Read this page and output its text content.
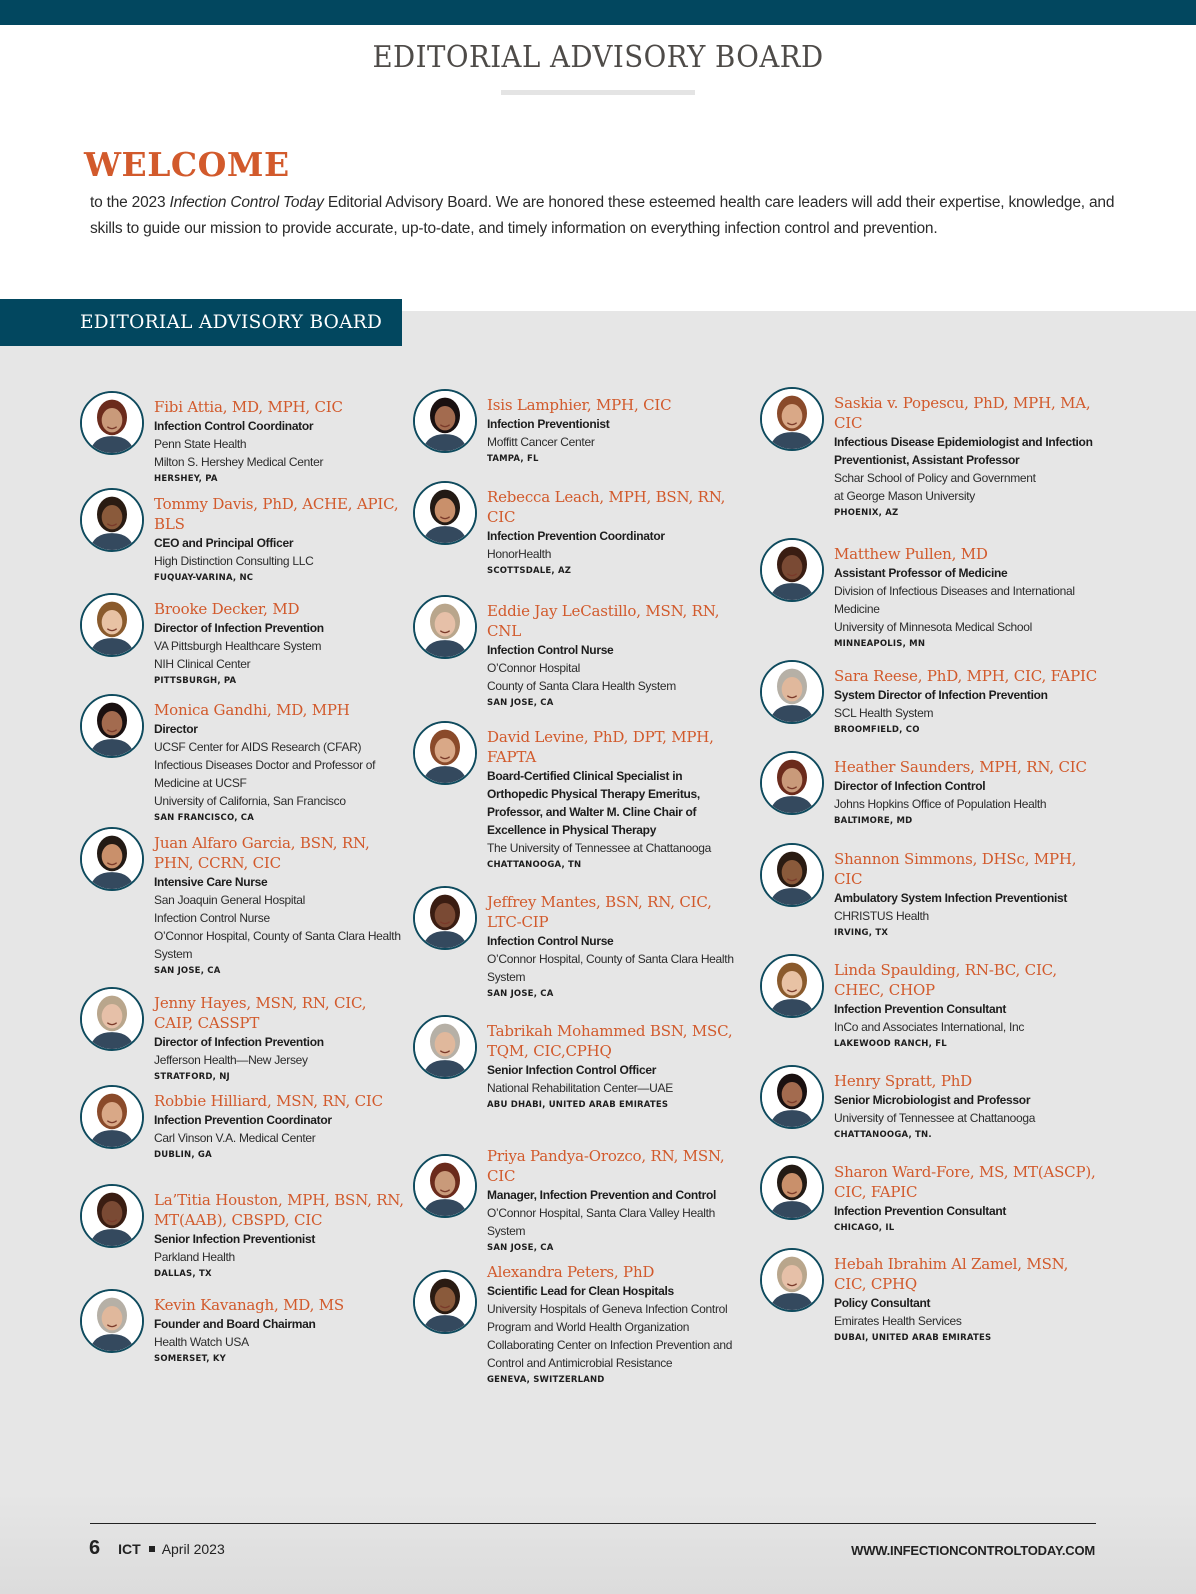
EDITORIAL ADVISORY BOARD
WELCOME

to the 2023 Infection Control Today Editorial Advisory Board. We are honored these esteemed health care leaders will add their expertise, knowledge, and skills to guide our mission to provide accurate, up-to-date, and timely information on everything infection control and prevention.

EDITORIAL ADVISORY BOARD
Fibi Attia, MD, MPH, CIC
Infection Control Coordinator
Penn State Health
Milton S. Hershey Medical Center
HERSHEY, PA
Tommy Davis, PhD, ACHE, APIC, BLS
CEO and Principal Officer
High Distinction Consulting LLC
FUQUAY-VARINA, NC
Brooke Decker, MD
Director of Infection Prevention
VA Pittsburgh Healthcare System
NIH Clinical Center
PITTSBURGH, PA
Monica Gandhi, MD, MPH
Director
UCSF Center for AIDS Research (CFAR)
Infectious Diseases Doctor and Professor of Medicine at UCSF
University of California, San Francisco
SAN FRANCISCO, CA
Juan Alfaro Garcia, BSN, RN, PHN, CCRN, CIC
Intensive Care Nurse
San Joaquin General Hospital
Infection Control Nurse
O’Connor Hospital, County of Santa Clara Health System
SAN JOSE, CA
Jenny Hayes, MSN, RN, CIC, CAIP, CASSPT
Director of Infection Prevention
Jefferson Health—New Jersey
STRATFORD, NJ
Robbie Hilliard, MSN, RN, CIC
Infection Prevention Coordinator
Carl Vinson V.A. Medical Center
DUBLIN, GA
La’Titia Houston, MPH, BSN, RN, MT(AAB), CBSPD, CIC
Senior Infection Preventionist
Parkland Health
DALLAS, TX
Kevin Kavanagh, MD, MS
Founder and Board Chairman
Health Watch USA
SOMERSET, KY
Isis Lamphier, MPH, CIC
Infection Preventionist
Moffitt Cancer Center
TAMPA, FL
Rebecca Leach, MPH, BSN, RN, CIC
Infection Prevention Coordinator
HonorHealth
SCOTTSDALE, AZ
Eddie Jay LeCastillo, MSN, RN, CNL
Infection Control Nurse
O’Connor Hospital
County of Santa Clara Health System
SAN JOSE, CA
David Levine, PhD, DPT, MPH, FAPTA
Board-Certified Clinical Specialist in Orthopedic Physical Therapy Emeritus, Professor, and Walter M. Cline Chair of Excellence in Physical Therapy
The University of Tennessee at Chattanooga
CHATTANOOGA, TN
Jeffrey Mantes, BSN, RN, CIC, LTC-CIP
Infection Control Nurse
O’Connor Hospital, County of Santa Clara Health System
SAN JOSE, CA
Tabrikah Mohammed BSN, MSC, TQM, CIC,CPHQ
Senior Infection Control Officer
National Rehabilitation Center—UAE
ABU DHABI, UNITED ARAB EMIRATES
Priya Pandya-Orozco, RN, MSN, CIC
Manager, Infection Prevention and Control
O’Connor Hospital, Santa Clara Valley Health System
SAN JOSE, CA
Alexandra Peters, PhD
Scientific Lead for Clean Hospitals
University Hospitals of Geneva Infection Control Program and World Health Organization Collaborating Center on Infection Prevention and Control and Antimicrobial Resistance
GENEVA, SWITZERLAND
Saskia v. Popescu, PhD, MPH, MA, CIC
Infectious Disease Epidemiologist and Infection Preventionist, Assistant Professor
Schar School of Policy and Government
at George Mason University
PHOENIX, AZ
Matthew Pullen, MD
Assistant Professor of Medicine
Division of Infectious Diseases and International Medicine
University of Minnesota Medical School
MINNEAPOLIS, MN
Sara Reese, PhD, MPH, CIC, FAPIC
System Director of Infection Prevention
SCL Health System
BROOMFIELD, CO
Heather Saunders, MPH, RN, CIC
Director of Infection Control
Johns Hopkins Office of Population Health
BALTIMORE, MD
Shannon Simmons, DHSc, MPH, CIC
Ambulatory System Infection Preventionist
CHRISTUS Health
IRVING, TX
Linda Spaulding, RN-BC, CIC, CHEC, CHOP
Infection Prevention Consultant
InCo and Associates International, Inc
LAKEWOOD RANCH, FL
Henry Spratt, PhD
Senior Microbiologist and Professor
University of Tennessee at Chattanooga
CHATTANOOGA, TN.
Sharon Ward-Fore, MS, MT(ASCP), CIC, FAPIC
Infection Prevention Consultant
CHICAGO, IL
Hebah Ibrahim Al Zamel, MSN, CIC, CPHQ
Policy Consultant
Emirates Health Services
DUBAI, UNITED ARAB EMIRATES
6 ICT April 2023	WWW.INFECTIONCONTROLTODAY.COM
